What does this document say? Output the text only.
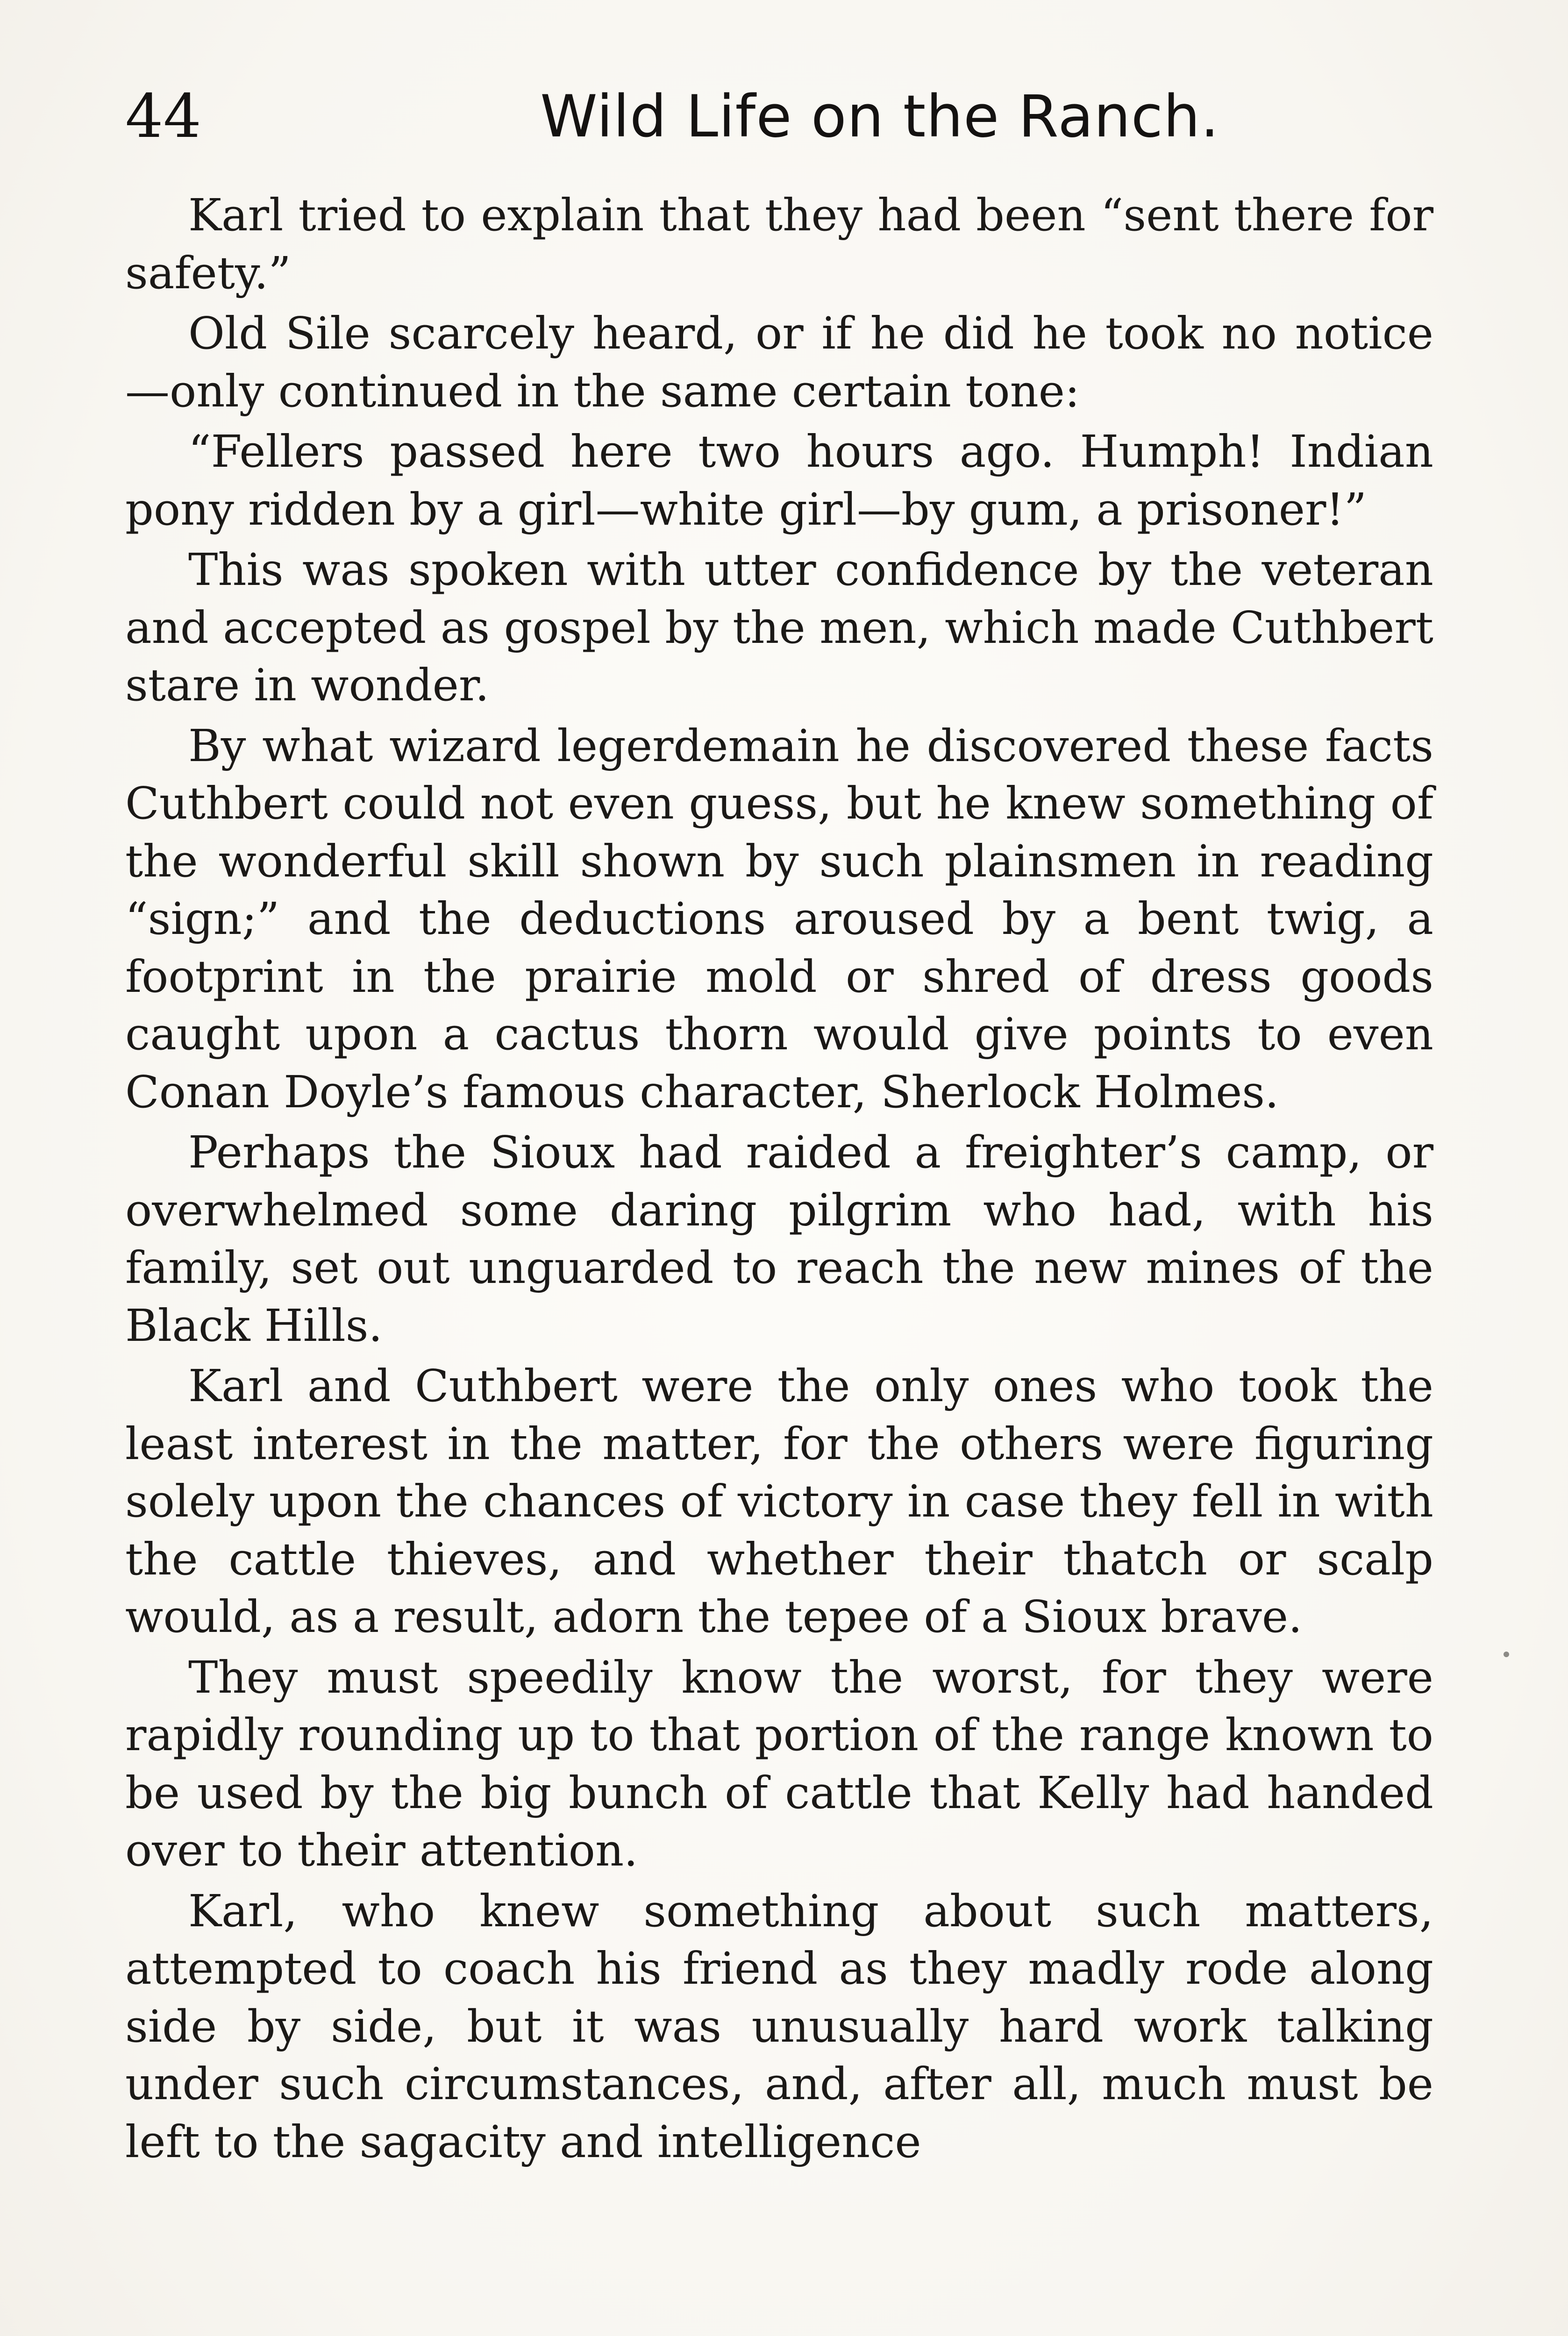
44	Wild Life on the Ranch.

Karl tried to explain that they had been “sent there for safety.”

Old Sile scarcely heard, or if he did he took no notice—only continued in the same certain tone:

“Fellers passed here two hours ago. Humph! Indian pony ridden by a girl—white girl—by gum, a prisoner!”

This was spoken with utter confidence by the veteran and accepted as gospel by the men, which made Cuthbert stare in wonder.

By what wizard legerdemain he discovered these facts Cuthbert could not even guess, but he knew something of the wonderful skill shown by such plainsmen in reading “sign;” and the deductions aroused by a bent twig, a footprint in the prairie mold or shred of dress goods caught upon a cactus thorn would give points to even Conan Doyle’s famous character, Sherlock Holmes.

Perhaps the Sioux had raided a freighter’s camp, or overwhelmed some daring pilgrim who had, with his family, set out unguarded to reach the new mines of the Black Hills.

Karl and Cuthbert were the only ones who took the least interest in the matter, for the others were figuring solely upon the chances of victory in case they fell in with the cattle thieves, and whether their thatch or scalp would, as a result, adorn the tepee of a Sioux brave.

They must speedily know the worst, for they were rapidly rounding up to that portion of the range known to be used by the big bunch of cattle that Kelly had handed over to their attention.

Karl, who knew something about such matters, attempted to coach his friend as they madly rode along side by side, but it was unusually hard work talking under such circumstances, and, after all, much must be left to the sagacity and intelligence
